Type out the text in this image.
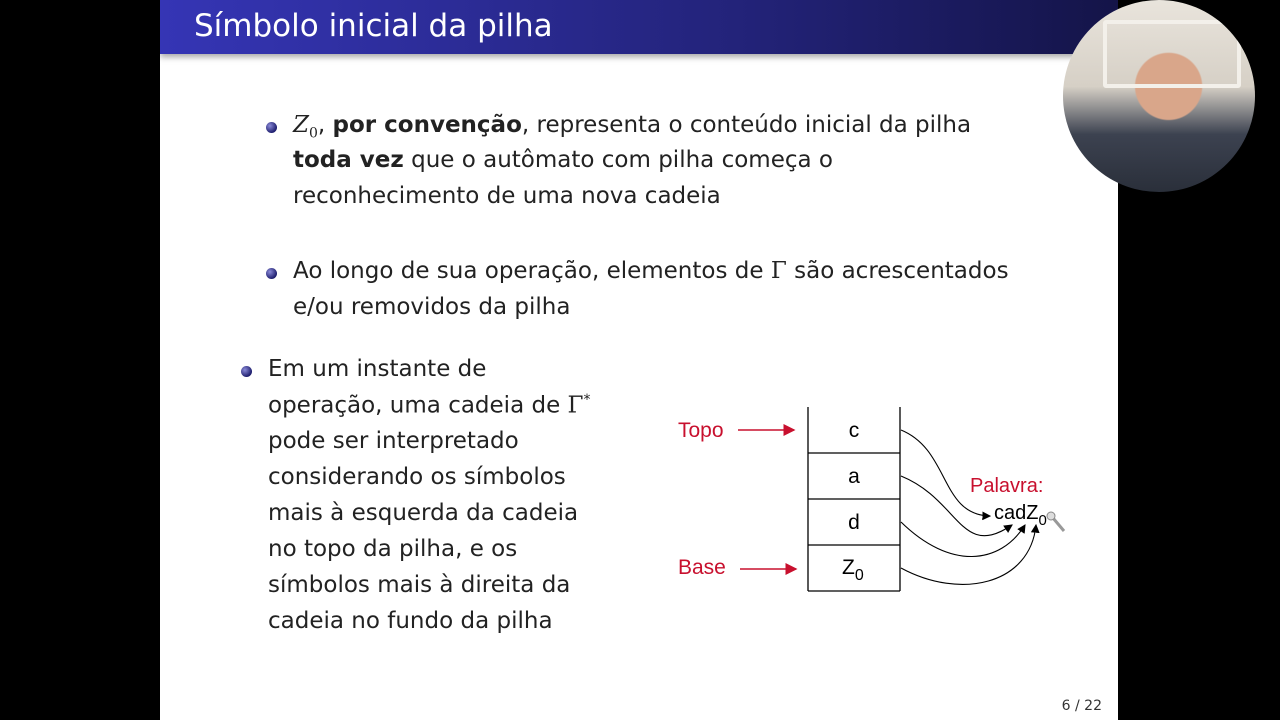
Símbolo inicial da pilha
$Z_0$, por convenção, representa o conteúdo inicial da pilha
toda vez que o autômato com pilha começa o
reconhecimento de uma nova cadeia
Ao longo de sua operação, elementos de Γ são acrescentados
e/ou removidos da pilha
Em um instante de
operação, uma cadeia de Γ*
pode ser interpretado
considerando os símbolos
mais à esquerda da cadeia
no topo da pilha, e os
símbolos mais à direita da
cadeia no fundo da pilha
6 / 22
c
a
d
$Z_0$
Topo
Base
Palavra:
cadZ$_0$
